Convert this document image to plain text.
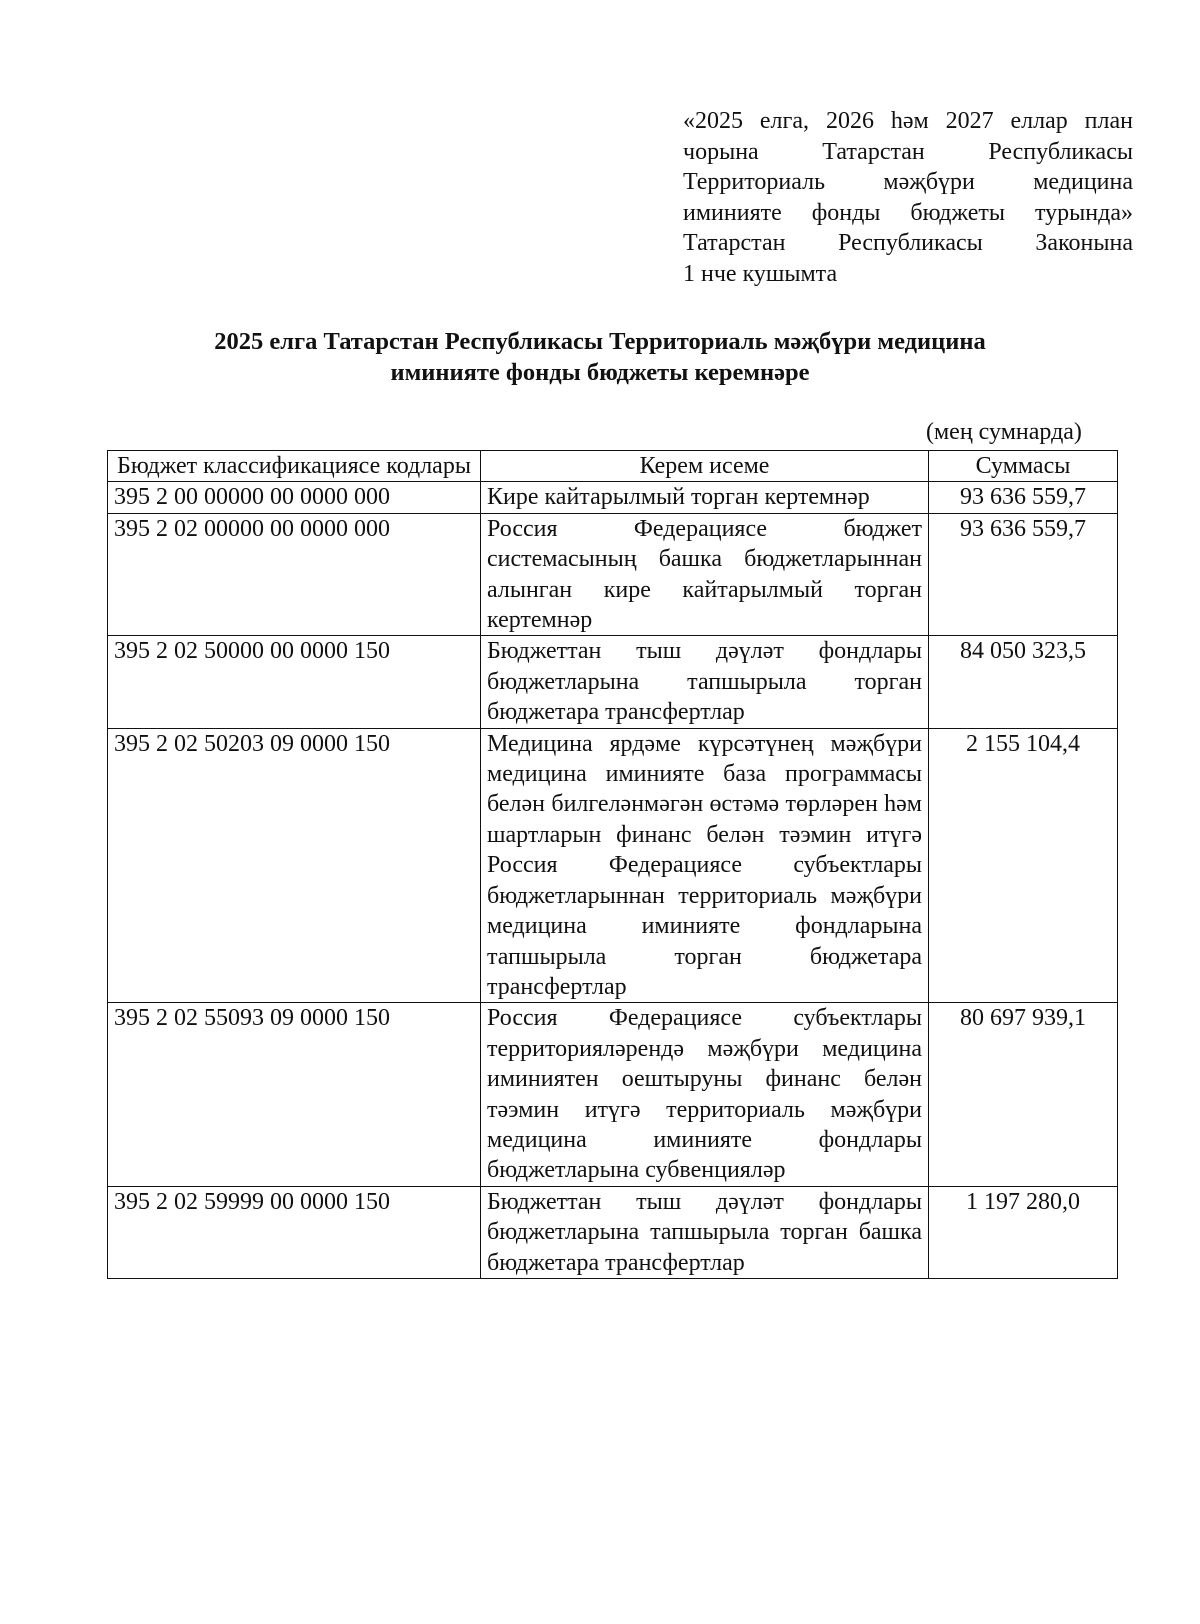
«2025 елга, 2026 һәм 2027 еллар план
чорына Татарстан Республикасы
Территориаль мәҗбүри медицина
иминияте фонды бюджеты турында»
Татарстан Республикасы Законына
1 нче кушымта
2025 елга Татарстан Республикасы Территориаль мәҗбүри медицина
иминияте фонды бюджеты керемнәре
(мең сумнарда)
Бюджет классификациясе кодлары	Керем исеме	Суммасы
395 2 00 00000 00 0000 000	Кире кайтарылмый торган кертемнәр	93 636 559,7
395 2 02 00000 00 0000 000	Россия Федерациясе бюджет системасының башка бюджетларыннан алынган кире кайтарылмый торган кертемнәр	93 636 559,7
395 2 02 50000 00 0000 150	Бюджеттан тыш дәүләт фондлары бюджетларына тапшырыла торган бюджетара трансфертлар	84 050 323,5
395 2 02 50203 09 0000 150	Медицина ярдәме күрсәтүнең мәҗбүри медицина иминияте база программасы белән билгеләнмәгән өстәмә төрләрен һәм шартларын финанс белән тәэмин итүгә Россия Федерациясе субъектлары бюджетларыннан территориаль мәҗбүри медицина иминияте фондларына тапшырыла торган бюджетара трансфертлар	2 155 104,4
395 2 02 55093 09 0000 150	Россия Федерациясе субъектлары территорияләрендә мәҗбүри медицина иминиятен оештыруны финанс белән тәэмин итүгә территориаль мәҗбүри медицина иминияте фондлары бюджетларына субвенцияләр	80 697 939,1
395 2 02 59999 00 0000 150	Бюджеттан тыш дәүләт фондлары бюджетларына тапшырыла торган башка бюджетара трансфертлар	1 197 280,0
